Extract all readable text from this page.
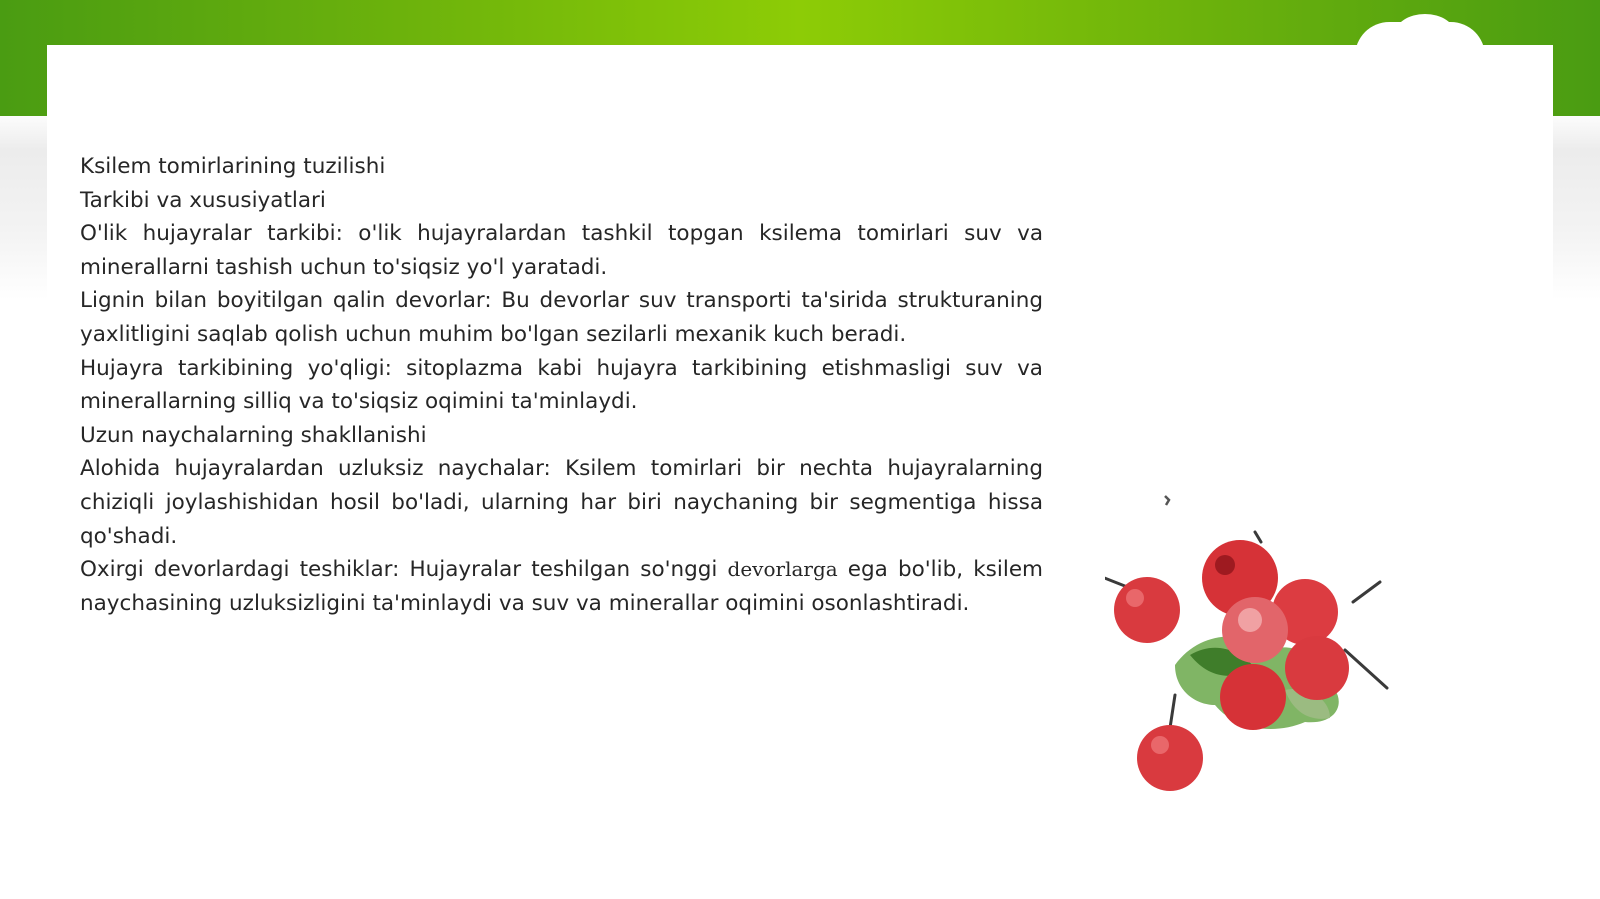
Ksilem tomirlarining tuzilishi

Tarkibi va xususiyatlari

O'lik hujayralar tarkibi: o'lik hujayralardan tashkil topgan ksilema tomirlari suv va minerallarni tashish uchun to'siqsiz yo'l yaratadi.

Lignin bilan boyitilgan qalin devorlar: Bu devorlar suv transporti ta'sirida strukturaning yaxlitligini saqlab qolish uchun muhim bo'lgan sezilarli mexanik kuch beradi.

Hujayra tarkibining yo'qligi: sitoplazma kabi hujayra tarkibining etishmasligi suv va minerallarning silliq va to'siqsiz oqimini ta'minlaydi.

Uzun naychalarning shakllanishi

Alohida hujayralardan uzluksiz naychalar: Ksilem tomirlari bir nechta hujayralarning chiziqli joylashishidan hosil bo'ladi, ularning har biri naychaning bir segmentiga hissa qo'shadi.

Oxirgi devorlardagi teshiklar: Hujayralar teshilgan so'nggi devorlarga ega bo'lib, ksilem naychasining uzluksizligini ta'minlaydi va suv va minerallar oqimini osonlashtiradi.
